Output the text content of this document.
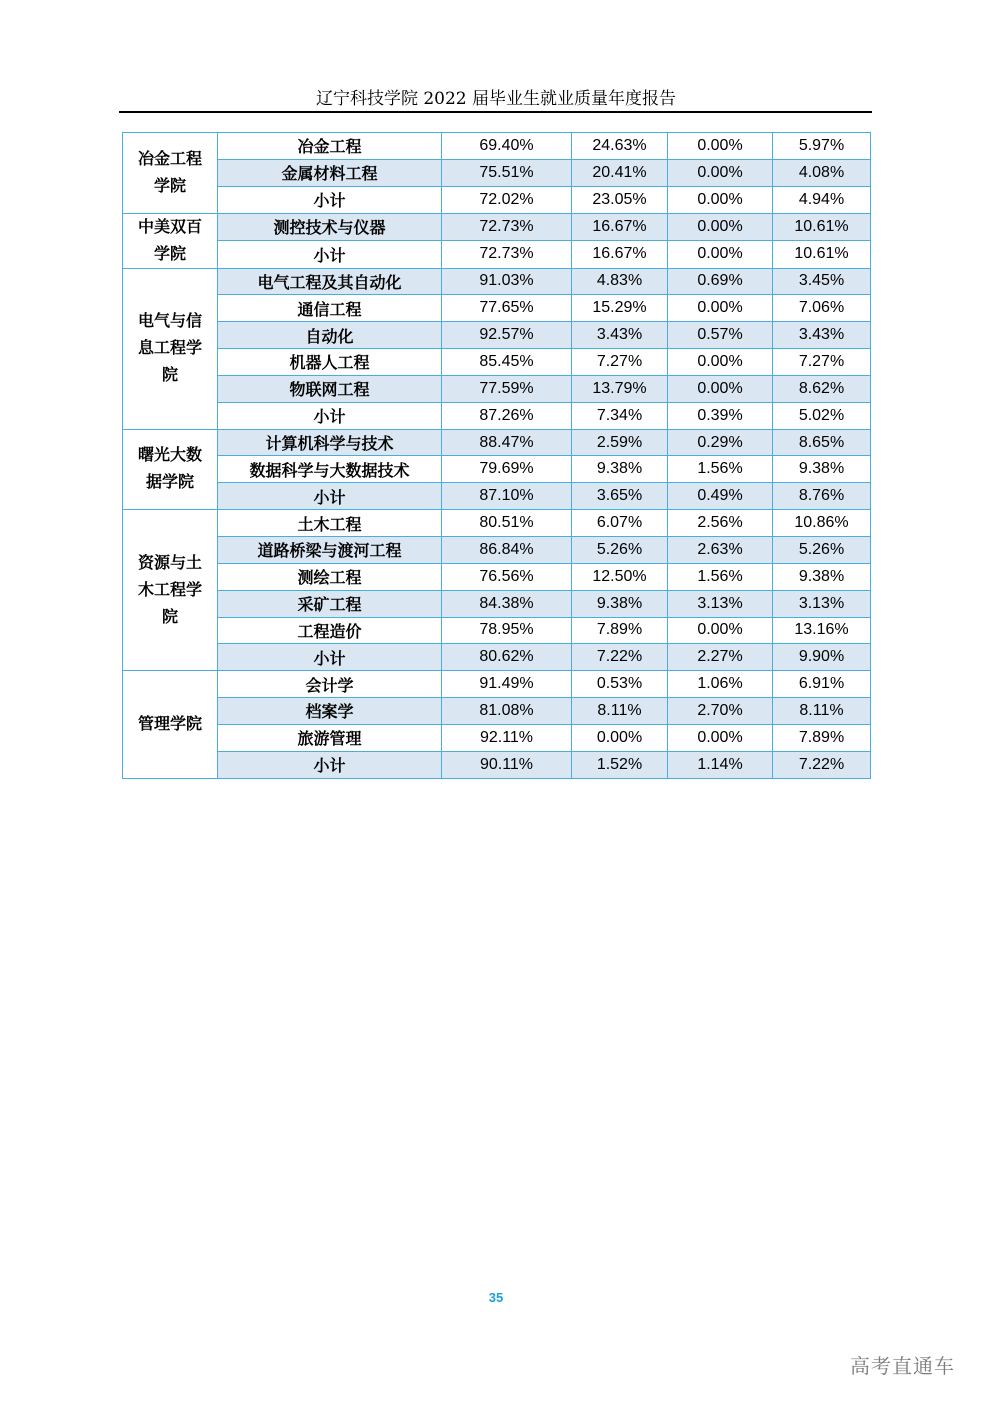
辽宁科技学院 2022 届毕业生就业质量年度报告
冶金工程学院	冶金工程	69.40%	24.63%	0.00%	5.97%
	金属材料工程	75.51%	20.41%	0.00%	4.08%
	小计	72.02%	23.05%	0.00%	4.94%
中美双百学院	测控技术与仪器	72.73%	16.67%	0.00%	10.61%
	小计	72.73%	16.67%	0.00%	10.61%
电气与信息工程学院	电气工程及其自动化	91.03%	4.83%	0.69%	3.45%
	通信工程	77.65%	15.29%	0.00%	7.06%
	自动化	92.57%	3.43%	0.57%	3.43%
	机器人工程	85.45%	7.27%	0.00%	7.27%
	物联网工程	77.59%	13.79%	0.00%	8.62%
	小计	87.26%	7.34%	0.39%	5.02%
曙光大数据学院	计算机科学与技术	88.47%	2.59%	0.29%	8.65%
	数据科学与大数据技术	79.69%	9.38%	1.56%	9.38%
	小计	87.10%	3.65%	0.49%	8.76%
资源与土木工程学院	土木工程	80.51%	6.07%	2.56%	10.86%
	道路桥梁与渡河工程	86.84%	5.26%	2.63%	5.26%
	测绘工程	76.56%	12.50%	1.56%	9.38%
	采矿工程	84.38%	9.38%	3.13%	3.13%
	工程造价	78.95%	7.89%	0.00%	13.16%
	小计	80.62%	7.22%	2.27%	9.90%
管理学院	会计学	91.49%	0.53%	1.06%	6.91%
	档案学	81.08%	8.11%	2.70%	8.11%
	旅游管理	92.11%	0.00%	0.00%	7.89%
	小计	90.11%	1.52%	1.14%	7.22%
35
高考直通车
